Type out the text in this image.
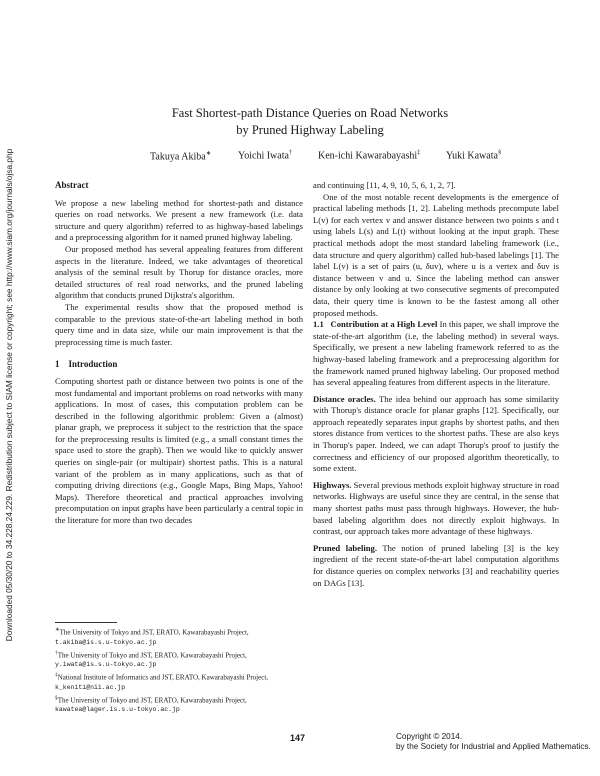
Downloaded 05/30/20 to 34.228.24.229. Redistribution subject to SIAM license or copyright; see http://www.siam.org/journals/ojsa.php
Fast Shortest-path Distance Queries on Road Networks
by Pruned Highway Labeling
Takuya Akiba∗	Yoichi Iwata†	Ken-ichi Kawarabayashi‡	Yuki Kawata§
Abstract

We propose a new labeling method for shortest-path and distance queries on road networks. We present a new framework (i.e. data structure and query algorithm) referred to as highway-based labelings and a preprocessing algorithm for it named pruned highway labeling.

Our proposed method has several appealing features from different aspects in the literature. Indeed, we take advantages of theoretical analysis of the seminal result by Thorup for distance oracles, more detailed structures of real road networks, and the pruned labeling algorithm that conducts pruned Dijkstra's algorithm.

The experimental results show that the proposed method is comparable to the previous state-of-the-art labeling method in both query time and in data size, while our main improvement is that the preprocessing time is much faster.

1 Introduction

Computing shortest path or distance between two points is one of the most fundamental and important problems on road networks with many applications. In most of cases, this computation problem can be described in the following algorithmic problem: Given a (almost) planar graph, we preprocess it subject to the restriction that the space for the preprocessing results is limited (e.g., a small constant times the space used to store the graph). Then we would like to quickly answer queries on single-pair (or multipair) shortest paths. This is a natural variant of the problem as in many applications, such as that of computing driving directions (e.g., Google Maps, Bing Maps, Yahoo! Maps). Therefore theoretical and practical approaches involving precomputation on input graphs have been particularly a central topic in the literature for more than two decades

∗The University of Tokyo and JST, ERATO, Kawarabayashi Project, t.akiba@is.s.u-tokyo.ac.jp
†The University of Tokyo and JST, ERATO, Kawarabayashi Project, y.iwata@is.s.u-tokyo.ac.jp
‡National Institute of Informatics and JST, ERATO, Kawarabayashi Project, k_keniti@nii.ac.jp
§The University of Tokyo and JST, ERATO, Kawarabayashi Project, kawatea@lager.is.s.u-tokyo.ac.jp

and continuing [11, 4, 9, 10, 5, 6, 1, 2, 7].

One of the most notable recent developments is the emergence of practical labeling methods [1, 2]. Labeling methods precompute label L(v) for each vertex v and answer distance between two points s and t using labels L(s) and L(t) without looking at the input graph. These practical methods adopt the most standard labeling framework (i.e., data structure and query algorithm) called hub-based labelings [1]. The label L(v) is a set of pairs (u, δuv), where u is a vertex and δuv is distance between v and u. Since the labeling method can answer distance by only looking at two consecutive segments of precomputed data, their query time is known to be the fastest among all other proposed methods.

1.1 Contribution at a High Level In this paper, we shall improve the state-of-the-art algorithm (i.e, the labeling method) in several ways. Specifically, we present a new labeling framework referred to as the highway-based labeling framework and a preprocessing algorithm for the framework named pruned highway labeling. Our proposed method has several appealing features from different aspects in the literature.

Distance oracles. The idea behind our approach has some similarity with Thorup's distance oracle for planar graphs [12]. Specifically, our approach repeatedly separates input graphs by shortest paths, and then stores distance from vertices to the shortest paths. These are also keys in Thorup's paper. Indeed, we can adapt Thorup's proof to justify the correctness and efficiency of our proposed algorithm theoretically, to some extent.

Highways. Several previous methods exploit highway structure in road networks. Highways are useful since they are central, in the sense that many shortest paths must pass through highways. However, the hub-based labeling algorithm does not directly exploit highways. In contrast, our approach takes more advantage of these highways.

Pruned labeling. The notion of pruned labeling [3] is the key ingredient of the recent state-of-the-art label computation algorithms for distance queries on complex networks [3] and reachability queries on DAGs [13].

147	Copyright © 2014.
by the Society for Industrial and Applied Mathematics.
